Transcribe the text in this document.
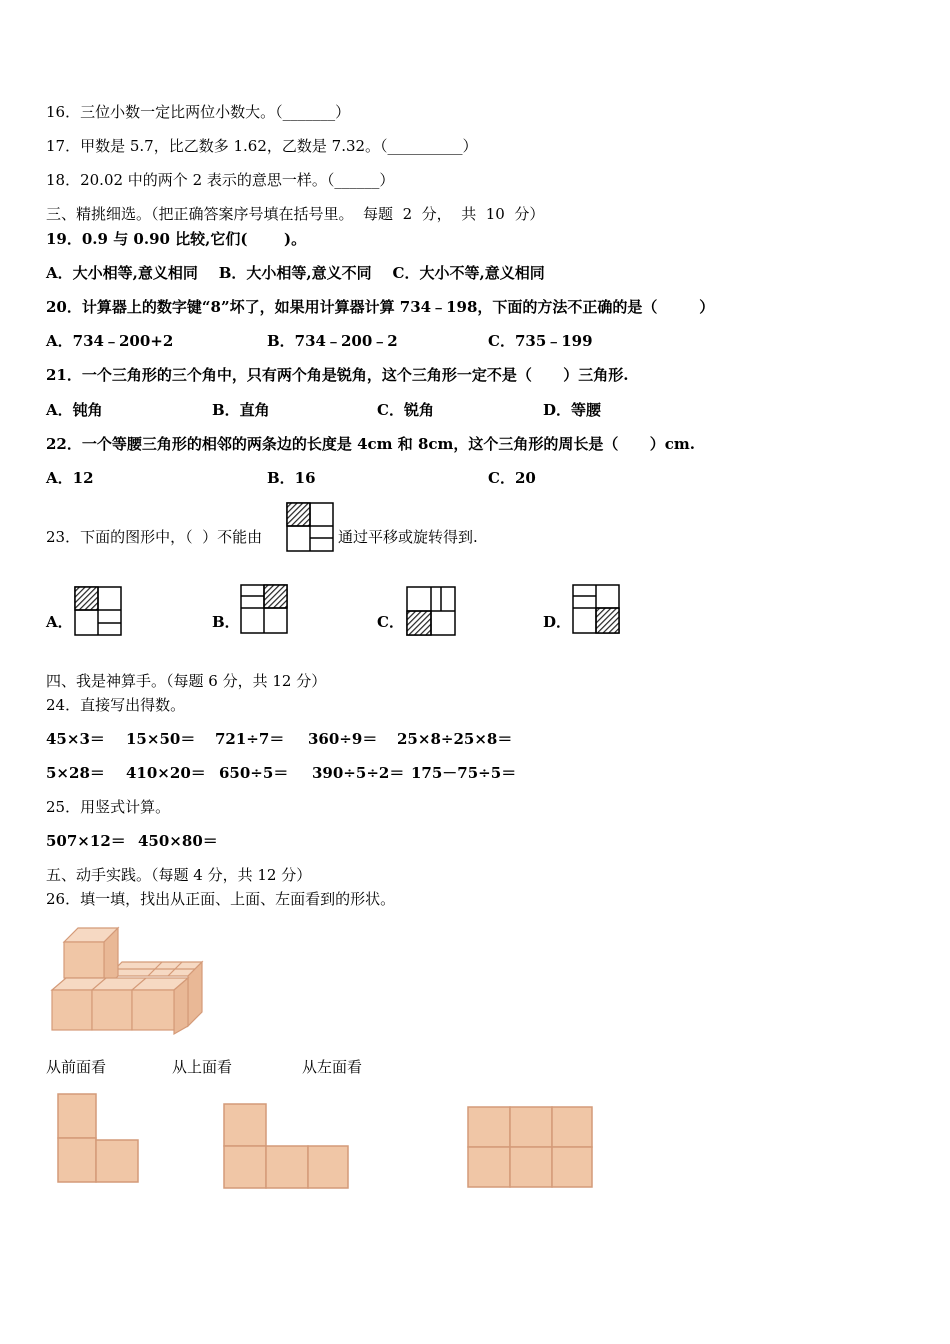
16．三位小数一定比两位小数大。（_______）
17．甲数是 5.7，比乙数多 1.62，乙数是 7.32。（__________）
18．20.02 中的两个 2 表示的意思一样。（______）
三、精挑细选。（把正确答案序号填在括号里。  每题  2  分，  共  10  分）
19．0.9 与 0.90 比较,它们(       )。
A．大小相等,意义相同    B．大小相等,意义不同    C．大小不等,意义相同
20．计算器上的数字键“8”坏了，如果用计算器计算 734﹣198，下面的方法不正确的是（        ）
A．734﹣200+2	B．734﹣200﹣2	C．735﹣199
21．一个三角形的三个角中，只有两个角是锐角，这个三角形一定不是（      ）三角形.
A．钝角	B．直角	C．锐角	D．等腰
22．一个等腰三角形的相邻的两条边的长度是 4cm 和 8cm，这个三角形的周长是（      ）cm.
A．12	B．16	C．20
23．下面的图形中，（  ）不能由	通过平移或旋转得到.
A．	B．	C．	D．
四、我是神算手。（每题 6 分，共 12 分）
24．直接写出得数。
45×3＝ 15×50＝ 721÷7＝ 360÷9＝ 25×8÷25×8＝
5×28＝ 410×20＝ 650÷5＝ 390÷5÷2＝ 175－75÷5＝
25．用竖式计算。
507×12＝ 450×80＝
五、动手实践。（每题 4 分，共 12 分）
26．填一填，找出从正面、上面、左面看到的形状。
从前面看	从上面看	从左面看
